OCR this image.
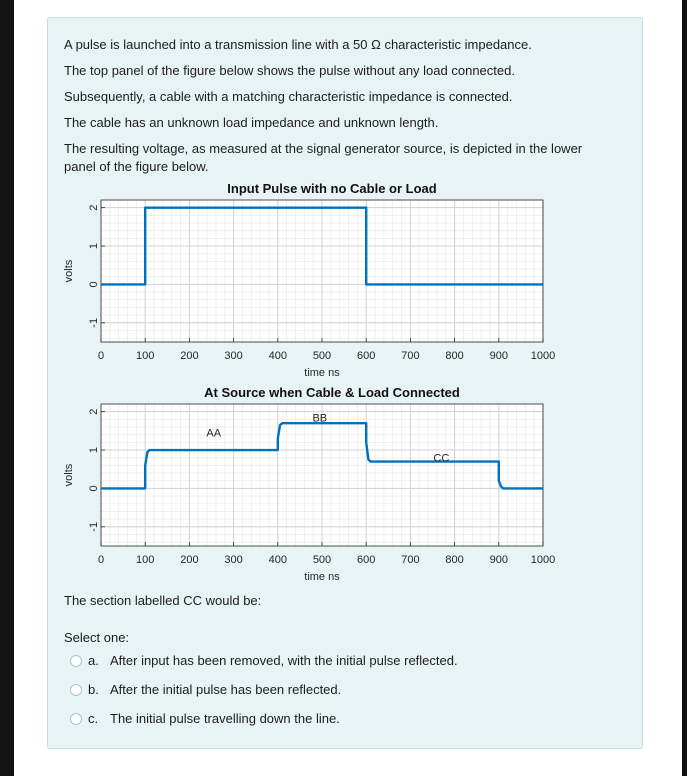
A pulse is launched into a transmission line with a 50 Ω characteristic impedance.
The top panel of the figure below shows the pulse without any load connected.
Subsequently, a cable with a matching characteristic impedance is connected.
The cable has an unknown load impedance and unknown length.
The resulting voltage, as measured at the signal generator source, is depicted in the lower
panel of the figure below.
Input Pulse with no Cable or Load
0	100 200 300 400 500 600 700 800 900 1000
2
1
0
-1
time ns
volts
At Source when Cable & Load Connected
0	100 200 300 400 500 600 700 800 900 1000
2
1
0
-1
time ns
volts
AA
BB
CC
The section labelled CC would be:
Select one:
a. After input has been removed, with the initial pulse reflected.
b. After the initial pulse has been reflected.
c. The initial pulse travelling down the line.
